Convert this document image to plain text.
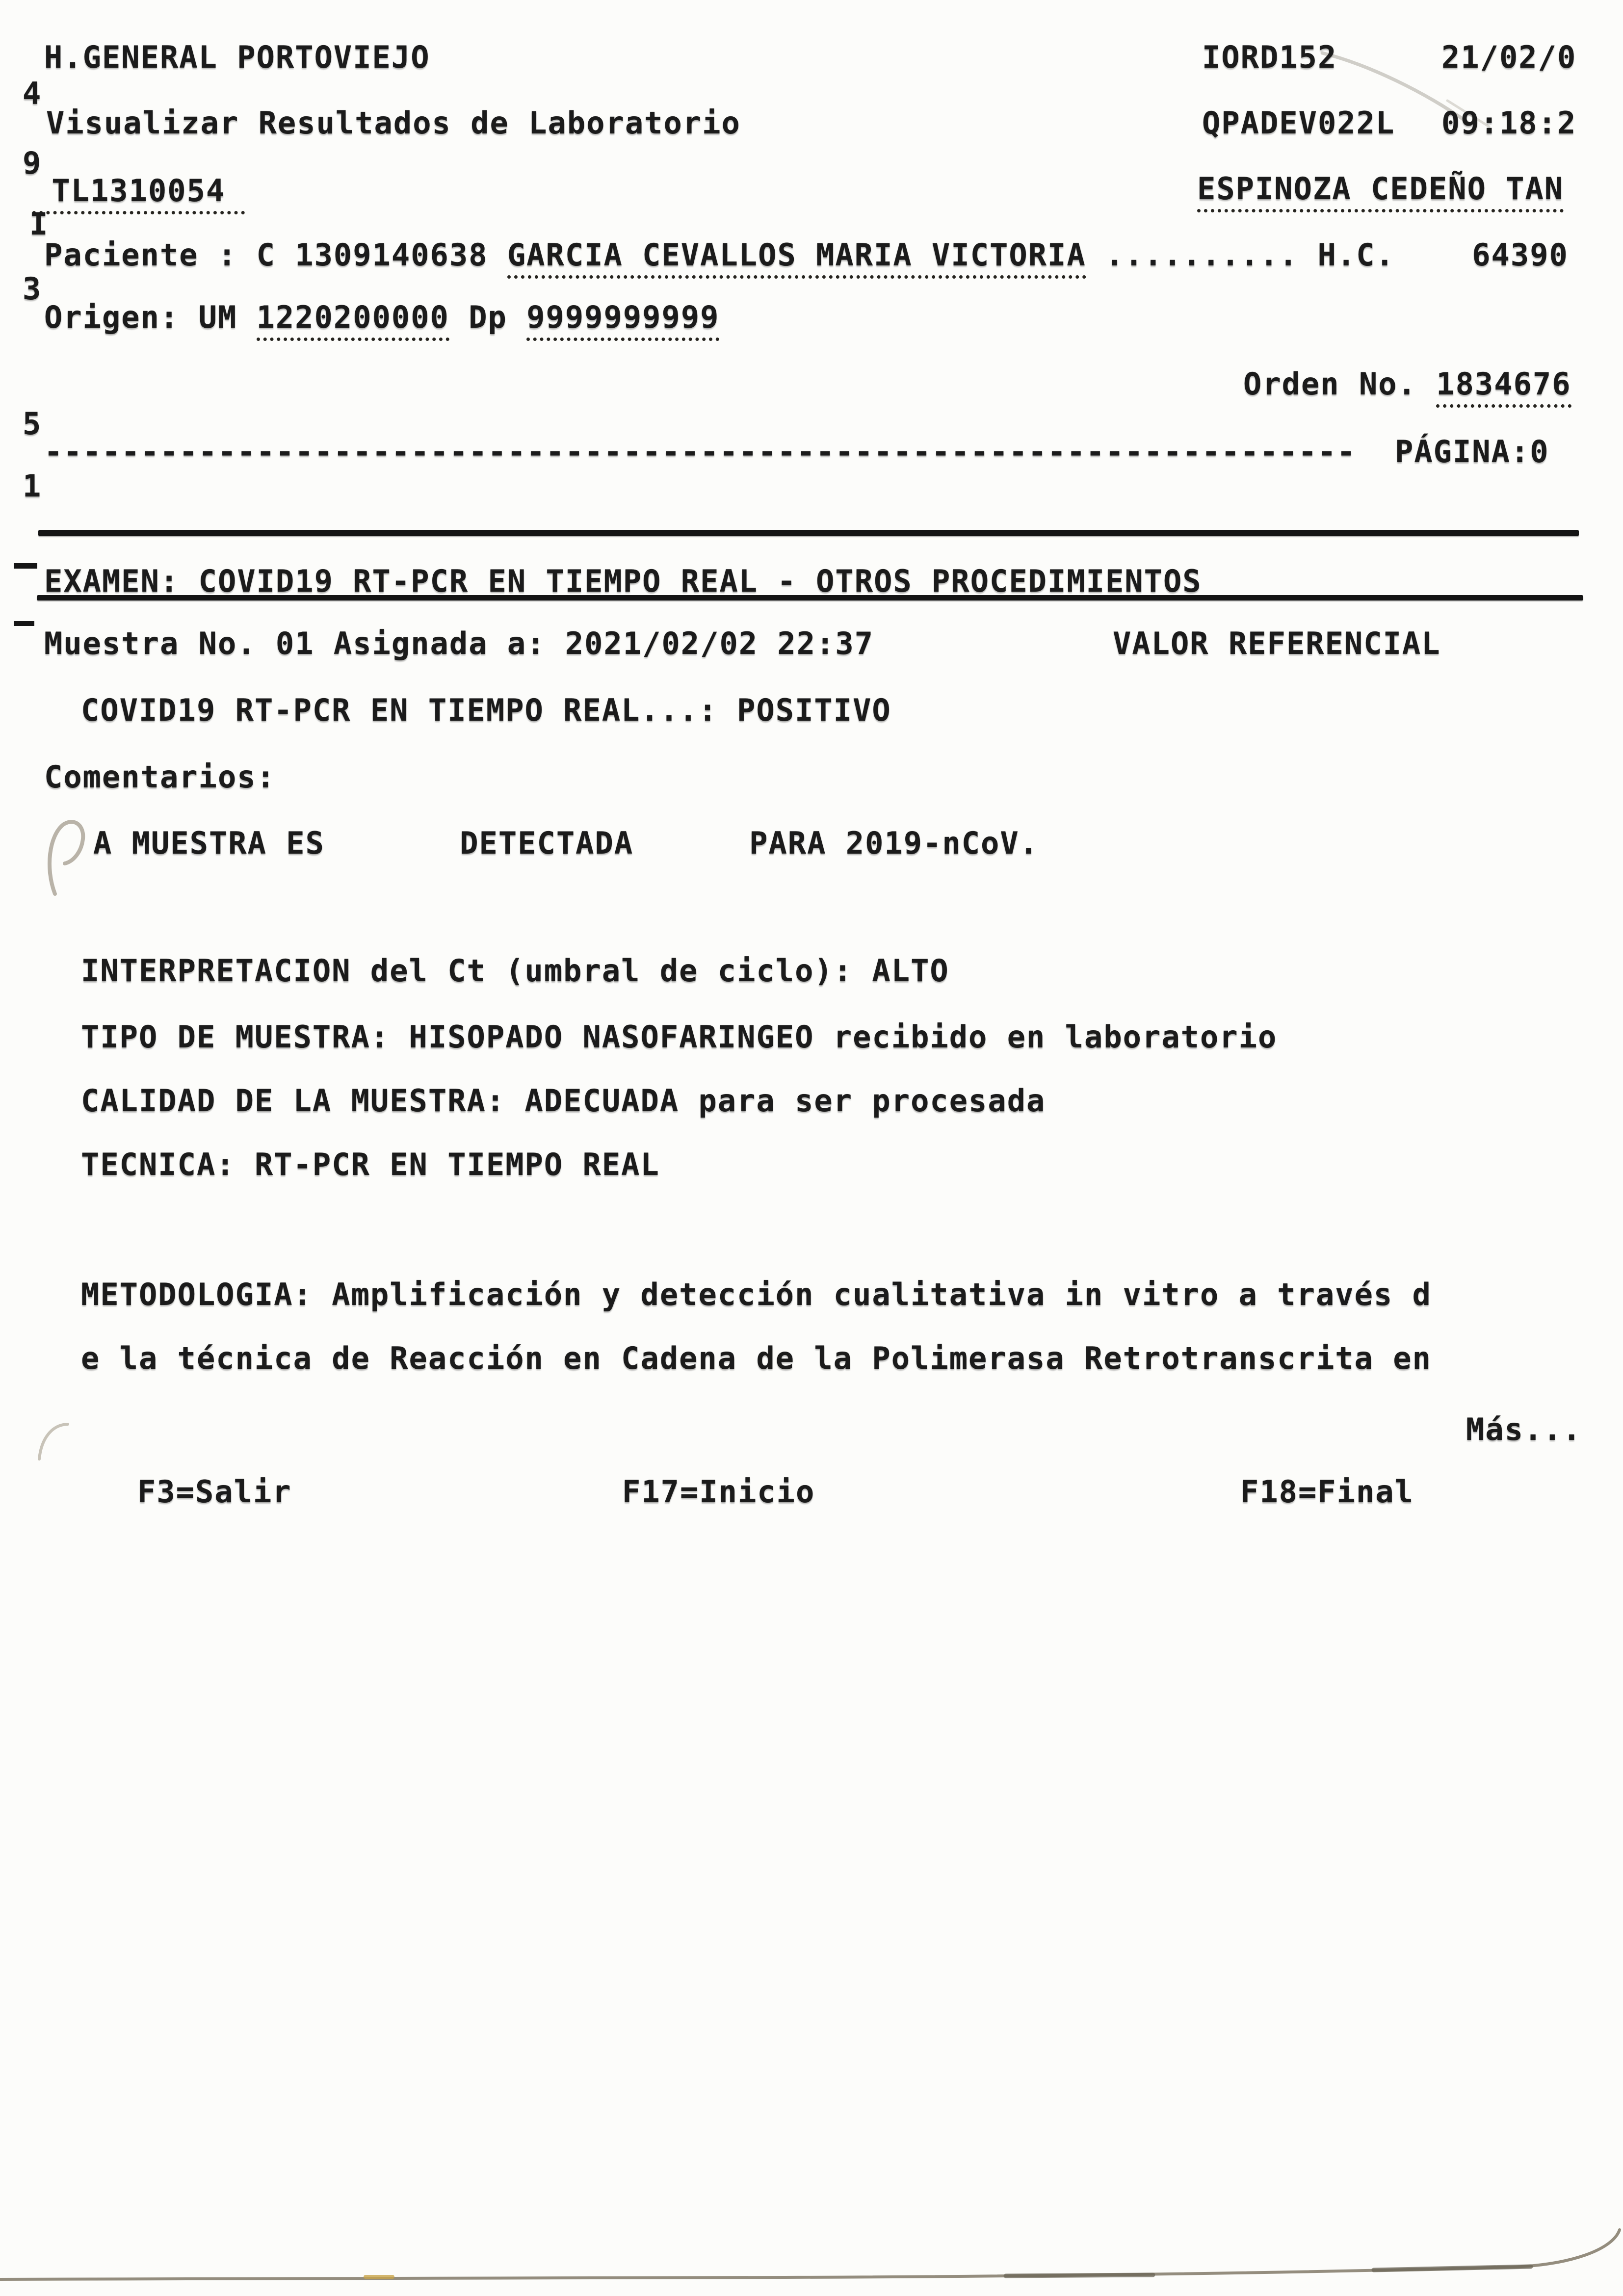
H.GENERAL PORTOVIEJO	IORD152	21/02/0
4
Visualizar Resultados de Laboratorio	QPADEV022L 09:18:2
9
TL1310054	ESPINOZA CEDEÑO TAN
I
Paciente : C 1309140638 GARCIA CEVALLOS MARIA VICTORIA .......... H.C.    64390
3
Origen: UM 1220200000 Dp 9999999999
Orden No. 1834676
5
-------------------------------------------------------------------- PÁGINA:0
1
EXAMEN: COVID19 RT-PCR EN TIEMPO REAL - OTROS PROCEDIMIENTOS
Muestra No. 01 Asignada a: 2021/02/02 22:37	VALOR REFERENCIAL
COVID19 RT-PCR EN TIEMPO REAL...: POSITIVO
Comentarios:
A MUESTRA ES       DETECTADA      PARA 2019-nCoV.
INTERPRETACION del Ct (umbral de ciclo): ALTO
TIPO DE MUESTRA: HISOPADO NASOFARINGEO recibido en laboratorio
CALIDAD DE LA MUESTRA: ADECUADA para ser procesada
TECNICA: RT-PCR EN TIEMPO REAL
METODOLOGIA: Amplificación y detección cualitativa in vitro a través d
e la técnica de Reacción en Cadena de la Polimerasa Retrotranscrita en
Más...
F3=Salir	F17=Inicio	F18=Final
